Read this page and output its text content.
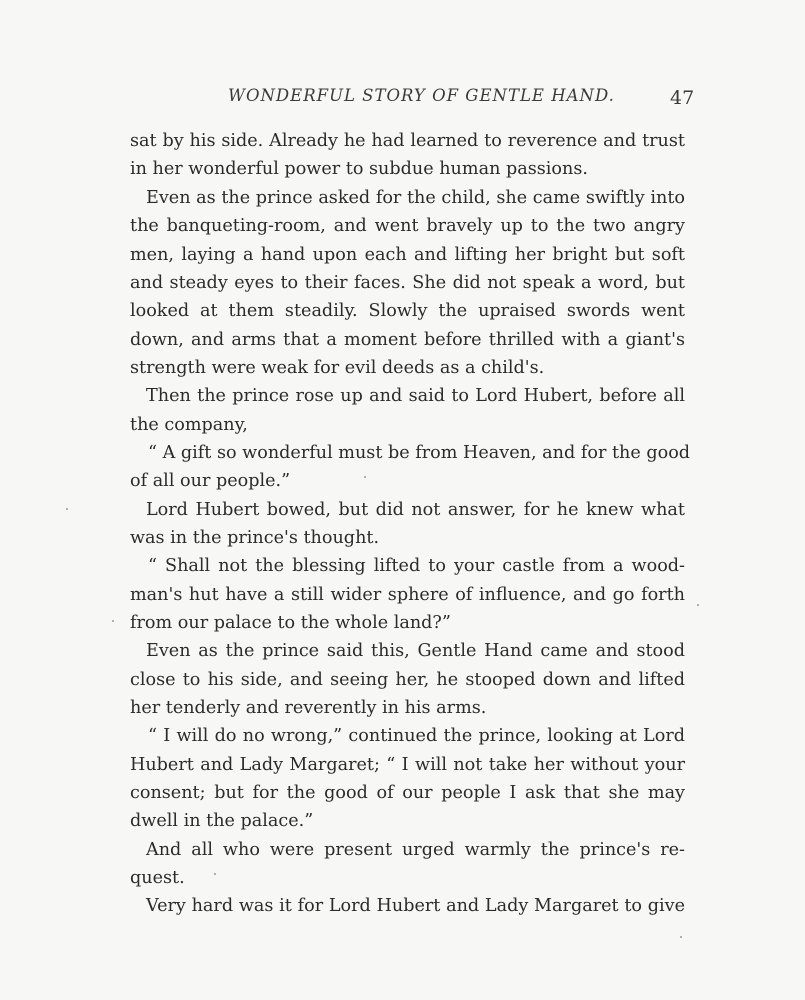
WONDERFUL STORY OF GENTLE HAND.	47
sat by his side. Already he had learned to reverence and trust
in her wonderful power to subdue human passions.
Even as the prince asked for the child, she came swiftly into
the banqueting-room, and went bravely up to the two angry
men, laying a hand upon each and lifting her bright but soft
and steady eyes to their faces. She did not speak a word, but
looked at them steadily. Slowly the upraised swords went
down, and arms that a moment before thrilled with a giant's
strength were weak for evil deeds as a child's.
Then the prince rose up and said to Lord Hubert, before all
the company,
“ A gift so wonderful must be from Heaven, and for the good
of all our people.”
Lord Hubert bowed, but did not answer, for he knew what
was in the prince's thought.
“ Shall not the blessing lifted to your castle from a wood-
man's hut have a still wider sphere of influence, and go forth
from our palace to the whole land?”
Even as the prince said this, Gentle Hand came and stood
close to his side, and seeing her, he stooped down and lifted
her tenderly and reverently in his arms.
“ I will do no wrong,” continued the prince, looking at Lord
Hubert and Lady Margaret; “ I will not take her without your
consent; but for the good of our people I ask that she may
dwell in the palace.”
And all who were present urged warmly the prince's re-
quest.
Very hard was it for Lord Hubert and Lady Margaret to give
